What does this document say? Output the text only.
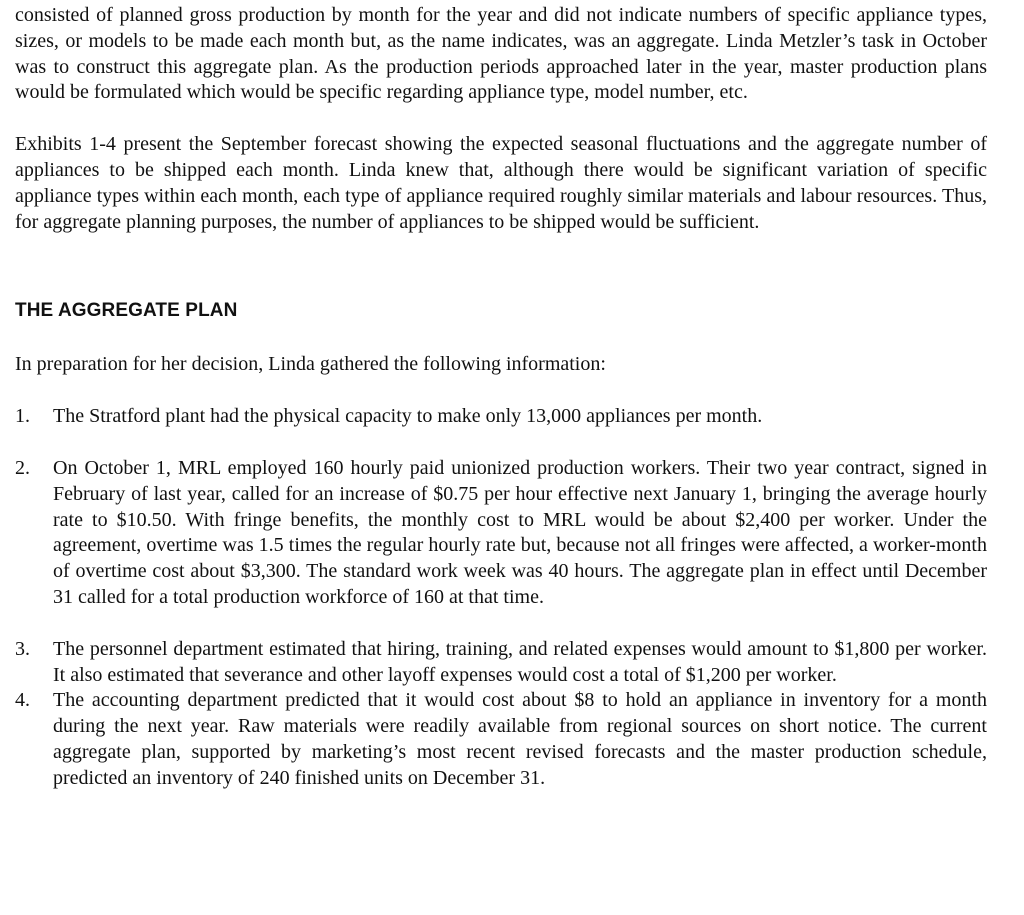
consisted of planned gross production by month for the year and did not indicate numbers of specific appliance types, sizes, or models to be made each month but, as the name indicates, was an aggregate. Linda Metzler’s task in October was to construct this aggregate plan. As the production periods approached later in the year, master production plans would be formulated which would be specific regarding appliance type, model number, etc.

Exhibits 1-4 present the September forecast showing the expected seasonal fluctuations and the aggregate number of appliances to be shipped each month. Linda knew that, although there would be significant variation of specific appliance types within each month, each type of appliance required roughly similar materials and labour resources. Thus, for aggregate planning purposes, the number of appliances to be shipped would be sufficient.

THE AGGREGATE PLAN

In preparation for her decision, Linda gathered the following information:

1. The Stratford plant had the physical capacity to make only 13,000 appliances per month.

2. On October 1, MRL employed 160 hourly paid unionized production workers. Their two year contract, signed in February of last year, called for an increase of $0.75 per hour effective next January 1, bringing the average hourly rate to $10.50. With fringe benefits, the monthly cost to MRL would be about $2,400 per worker. Under the agreement, overtime was 1.5 times the regular hourly rate but, because not all fringes were affected, a worker-month of overtime cost about $3,300. The standard work week was 40 hours. The aggregate plan in effect until December 31 called for a total production workforce of 160 at that time.

3. The personnel department estimated that hiring, training, and related expenses would amount to $1,800 per worker. It also estimated that severance and other layoff expenses would cost a total of $1,200 per worker.

4. The accounting department predicted that it would cost about $8 to hold an appliance in inventory for a month during the next year. Raw materials were readily available from regional sources on short notice. The current aggregate plan, supported by marketing’s most recent revised forecasts and the master production schedule, predicted an inventory of 240 finished units on December 31.
